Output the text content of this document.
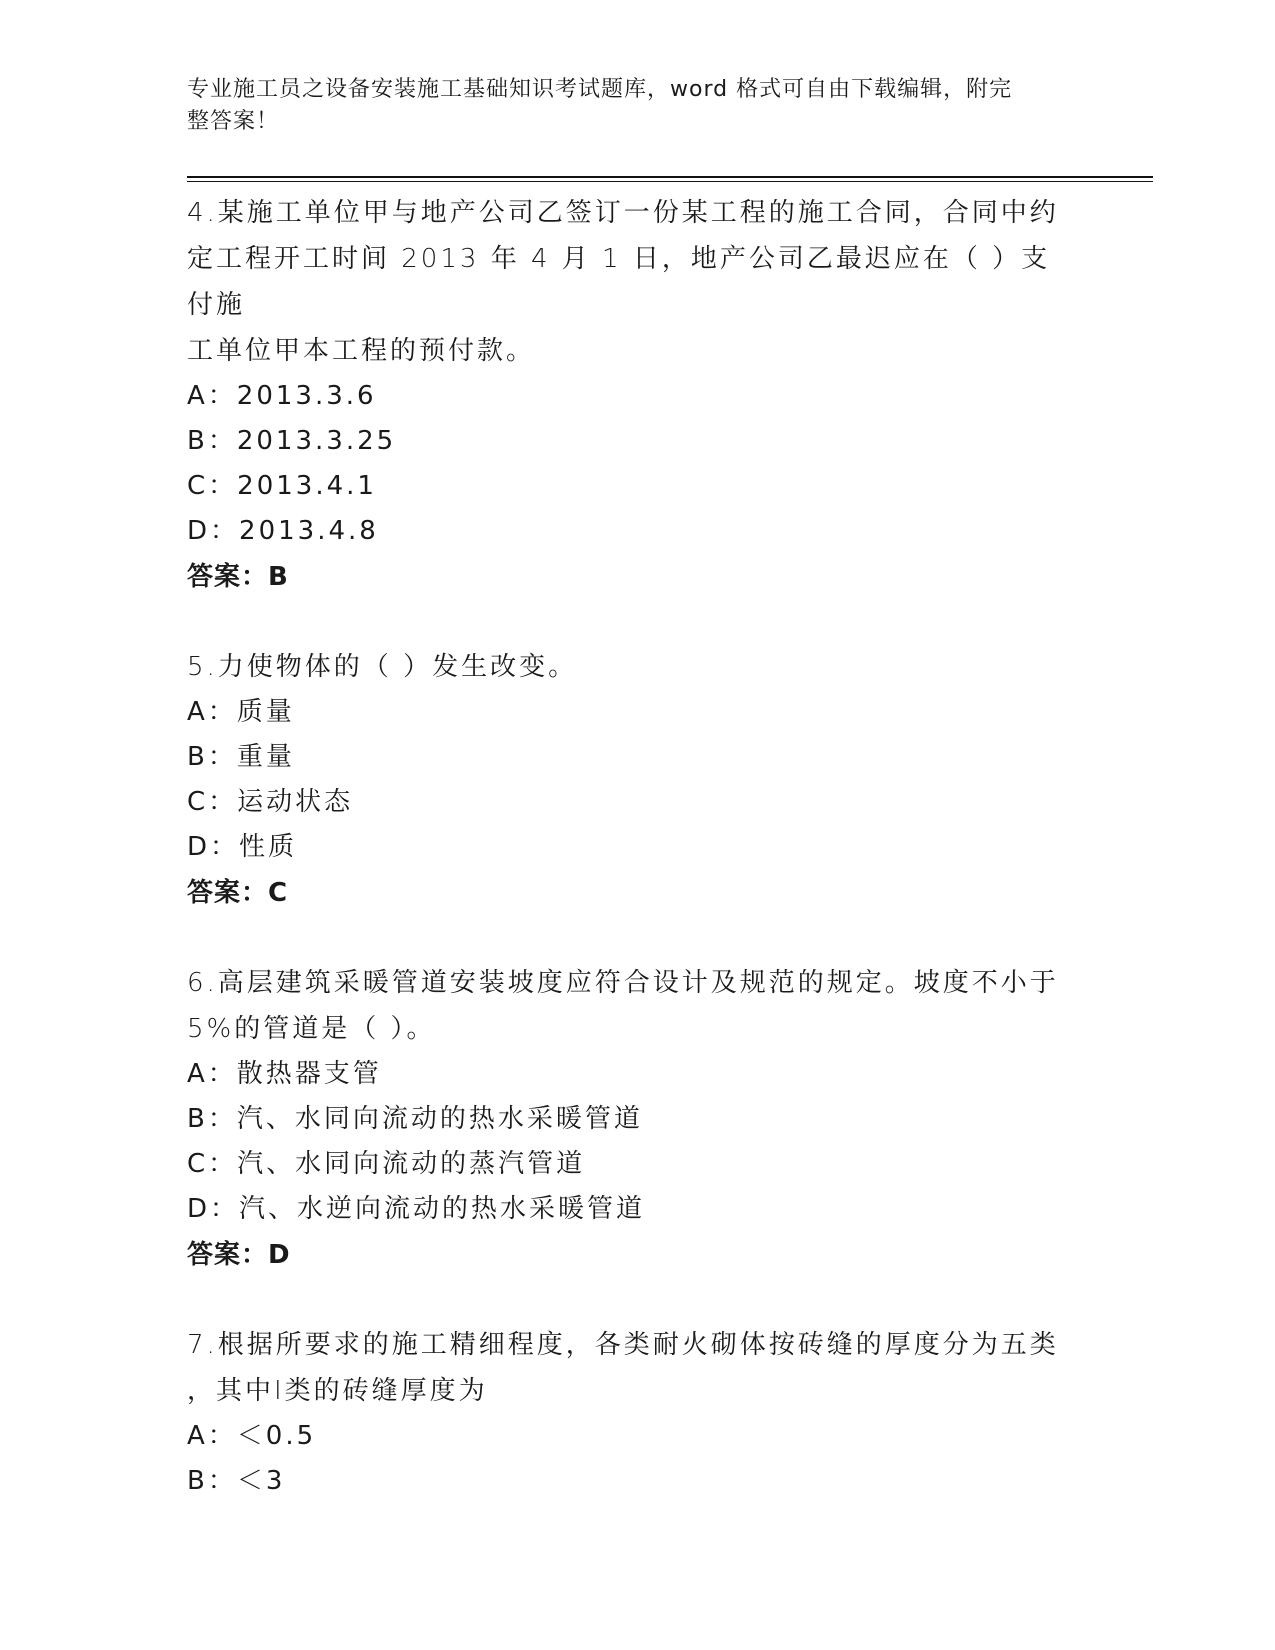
专业施工员之设备安装施工基础知识考试题库，word 格式可自由下载编辑，附完
整答案！

4.某施工单位甲与地产公司乙签订一份某工程的施工合同，合同中约

定工程开工时间 2013 年 4 月 1 日，地产公司乙最迟应在（ ）支付施

工单位甲本工程的预付款。

A：2013.3.6

B：2013.3.25

C：2013.4.1

D：2013.4.8

答案：B

5.力使物体的（ ）发生改变。

A：质量

B：重量

C：运动状态

D：性质

答案：C

6.高层建筑采暖管道安装坡度应符合设计及规范的规定。坡度不小于

5%的管道是（ ）。

A：散热器支管

B：汽、水同向流动的热水采暖管道

C：汽、水同向流动的蒸汽管道

D：汽、水逆向流动的热水采暖管道

答案：D

7.根据所要求的施工精细程度，各类耐火砌体按砖缝的厚度分为五类

，其中Ⅰ类的砖缝厚度为

A：＜0.5

B：＜3
